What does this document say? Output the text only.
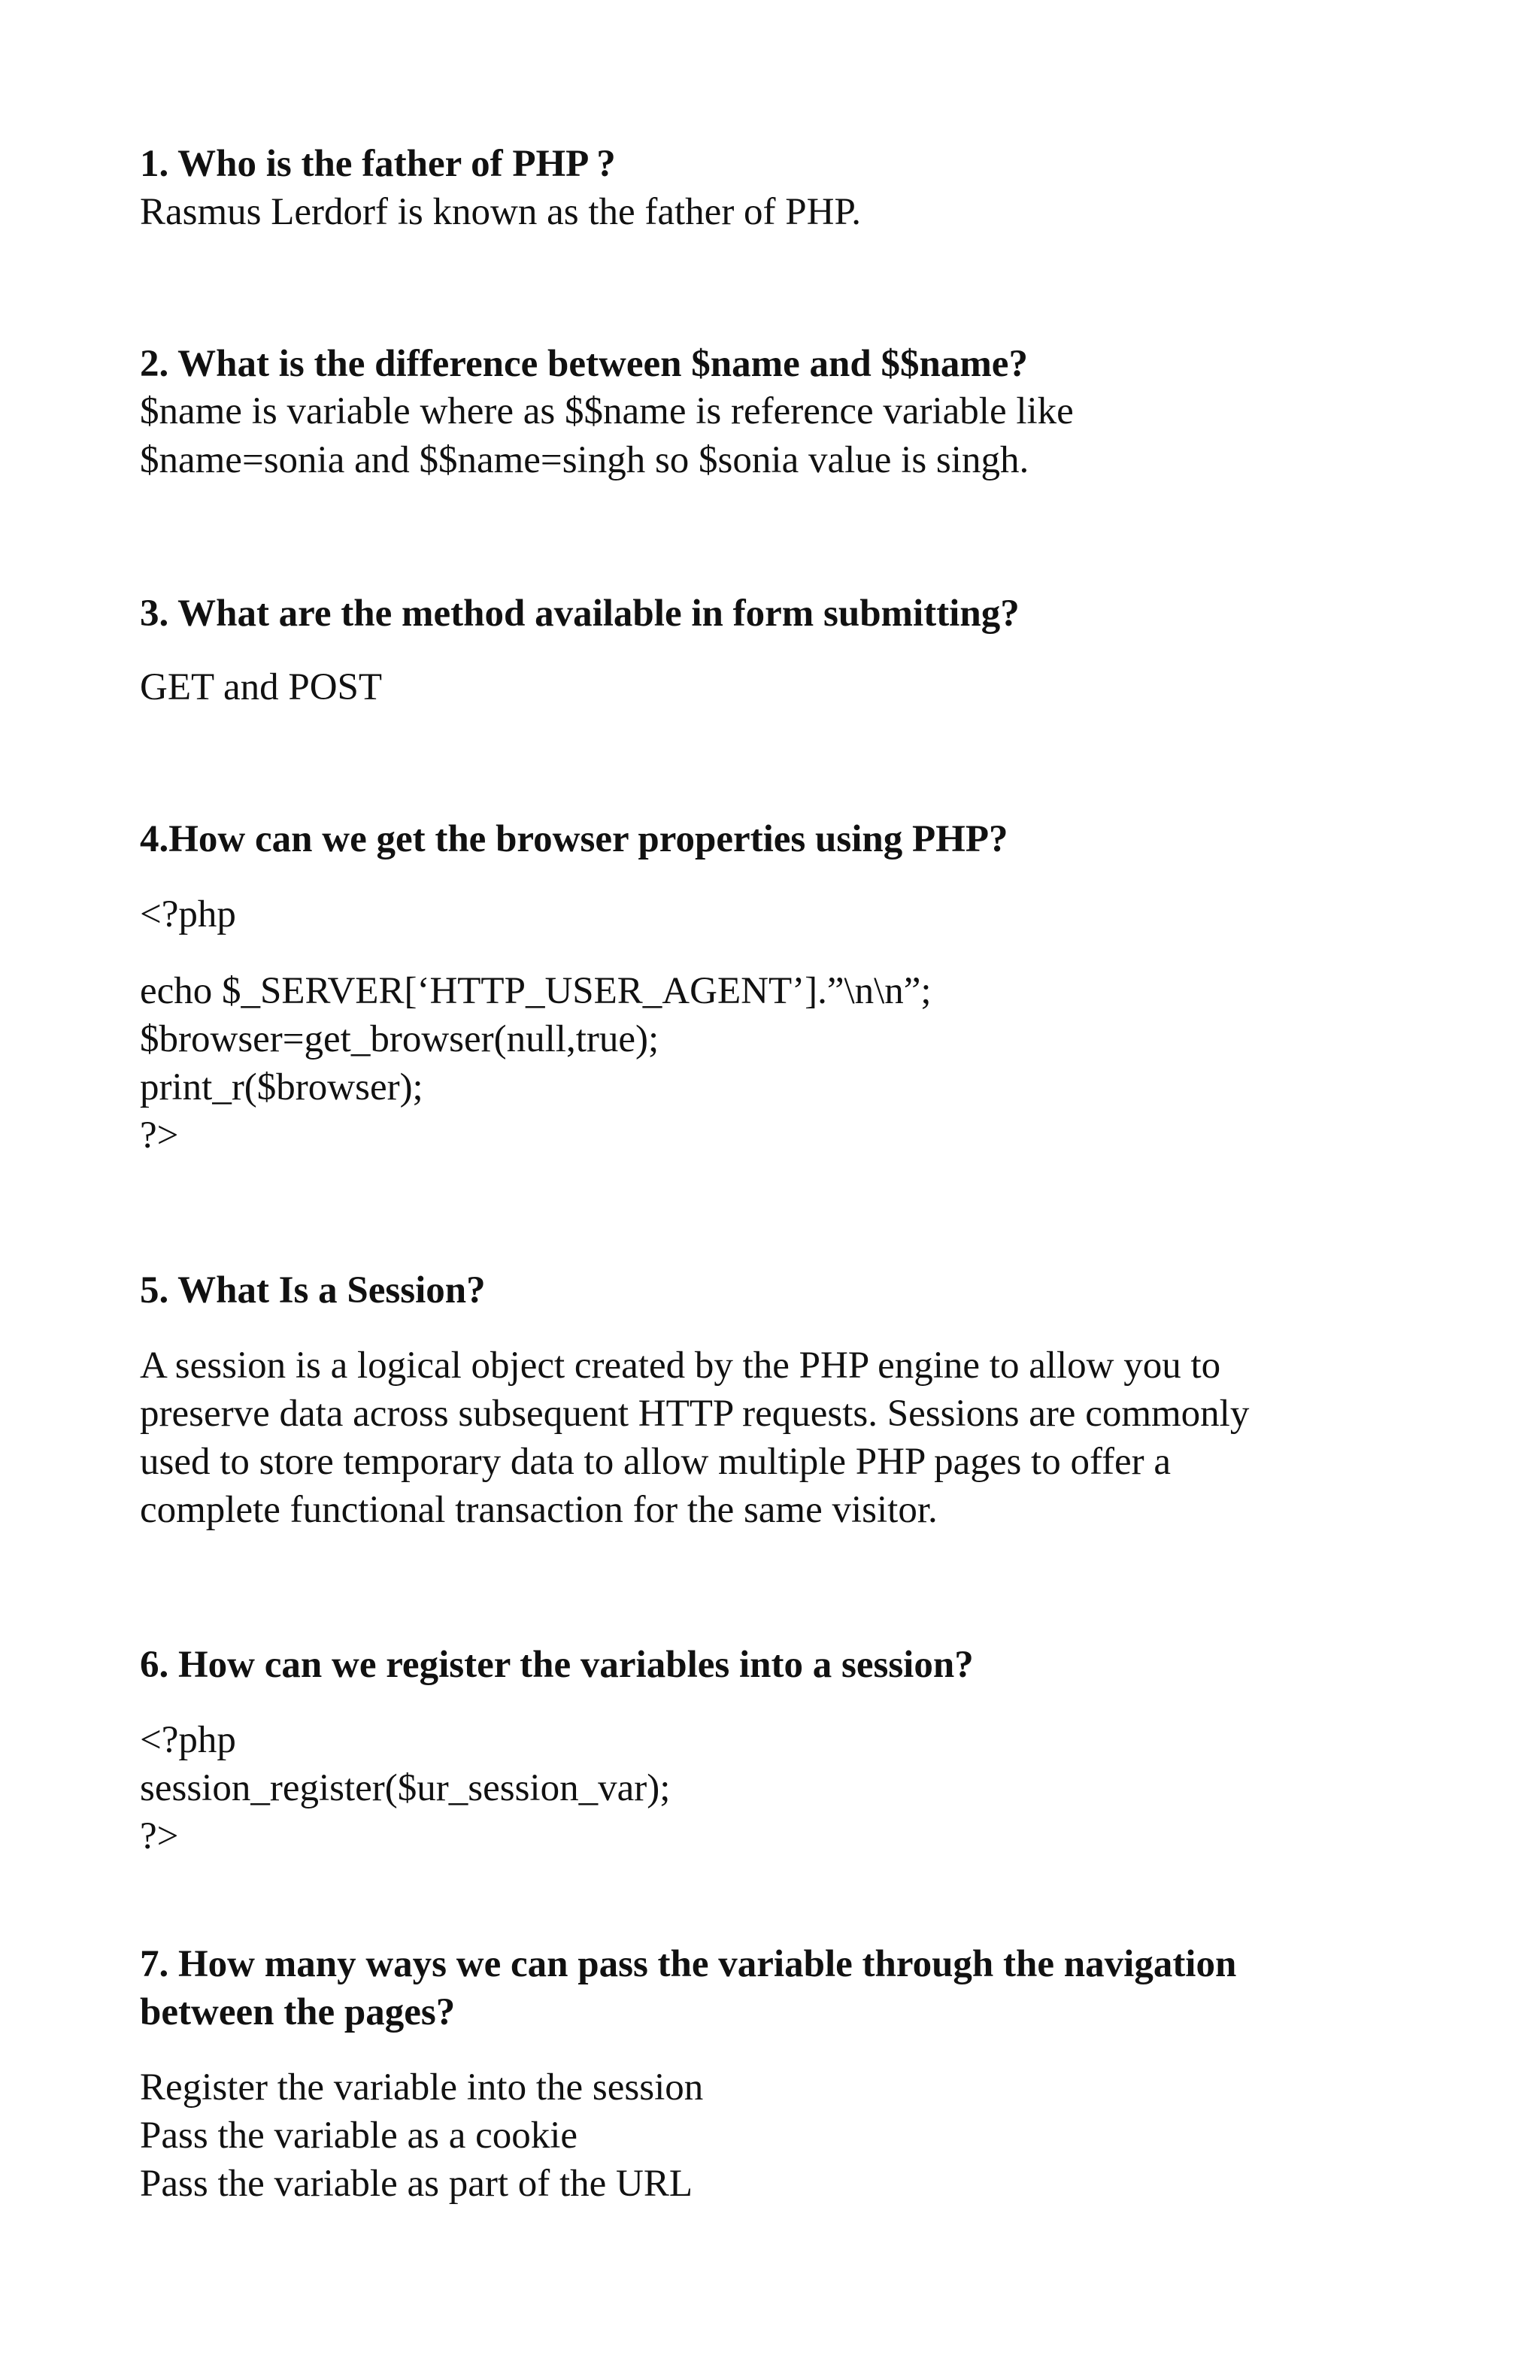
1. Who is the father of PHP ?

Rasmus Lerdorf is known as the father of PHP.

2. What is the difference between $name and $$name?

$name is variable where as $$name is reference variable like

$name=sonia and $$name=singh so $sonia value is singh.

3. What are the method available in form submitting?

GET and POST

4.How can we get the browser properties using PHP?

<?php

echo $_SERVER[‘HTTP_USER_AGENT’].”\n\n”;

$browser=get_browser(null,true);

print_r($browser);

?>

5. What Is a Session?

A session is a logical object created by the PHP engine to allow you to

preserve data across subsequent HTTP requests. Sessions are commonly

used to store temporary data to allow multiple PHP pages to offer a

complete functional transaction for the same visitor.

6. How can we register the variables into a session?

<?php

session_register($ur_session_var);

?>

7. How many ways we can pass the variable through the navigation

between the pages?

Register the variable into the session

Pass the variable as a cookie

Pass the variable as part of the URL
